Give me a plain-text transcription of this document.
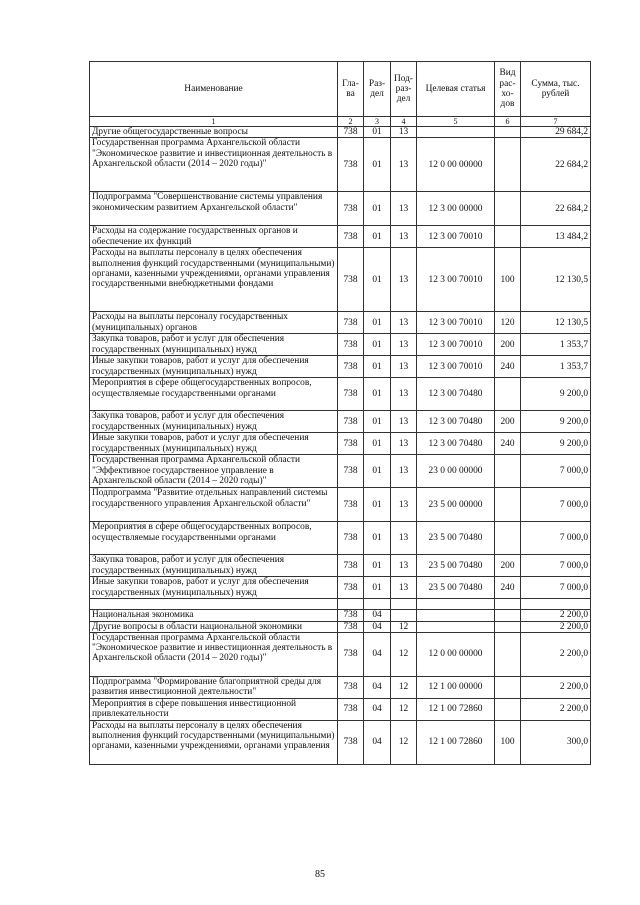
Наименование	Гла-ва	Раз-дел	Под-раз-дел	Целевая статья	Вид рас-хо-дов	Сумма, тыс. рублей
1	2	3	4	5	6	7
Другие общегосударственные вопросы	738	01	13			29 684,2
Государственная программа Архангельской области "Экономическое развитие и инвестиционная деятельность в Архангельской области (2014 – 2020 годы)"	738	01	13	12 0 00 00000		22 684,2
Подпрограмма "Совершенствование системы управления экономическим развитием Архангельской области"	738	01	13	12 3 00 00000		22 684,2
Расходы на содержание государственных органов и обеспечение их функций	738	01	13	12 3 00 70010		13 484,2
Расходы на выплаты персоналу в целях обеспечения выполнения функций государственными (муниципальными) органами, казенными учреждениями, органами управления государственными внебюджетными фондами	738	01	13	12 3 00 70010	100	12 130,5
Расходы на выплаты персоналу государственных (муниципальных) органов	738	01	13	12 3 00 70010	120	12 130,5
Закупка товаров, работ и услуг для обеспечения государственных (муниципальных) нужд	738	01	13	12 3 00 70010	200	1 353,7
Иные закупки товаров, работ и услуг для обеспечения государственных (муниципальных) нужд	738	01	13	12 3 00 70010	240	1 353,7
Мероприятия в сфере общегосударственных вопросов, осуществляемые государственными органами	738	01	13	12 3 00 70480		9 200,0
Закупка товаров, работ и услуг для обеспечения государственных (муниципальных) нужд	738	01	13	12 3 00 70480	200	9 200,0
Иные закупки товаров, работ и услуг для обеспечения государственных (муниципальных) нужд	738	01	13	12 3 00 70480	240	9 200,0
Государственная программа Архангельской области "Эффективное государственное управление в Архангельской области (2014 – 2020 годы)"	738	01	13	23 0 00 00000		7 000,0
Подпрограмма "Развитие отдельных направлений системы государственного управления Архангельской области"	738	01	13	23 5 00 00000		7 000,0
Мероприятия в сфере общегосударственных вопросов, осуществляемые государственными органами	738	01	13	23 5 00 70480		7 000,0
Закупка товаров, работ и услуг для обеспечения государственных (муниципальных) нужд	738	01	13	23 5 00 70480	200	7 000,0
Иные закупки товаров, работ и услуг для обеспечения государственных (муниципальных) нужд	738	01	13	23 5 00 70480	240	7 000,0

Национальная экономика	738	04				2 200,0
Другие вопросы в области национальной экономики	738	04	12			2 200,0
Государственная программа Архангельской области "Экономическое развитие и инвестиционная деятельность в Архангельской области (2014 – 2020 годы)"	738	04	12	12 0 00 00000		2 200,0
Подпрограмма "Формирование благоприятной среды для развития инвестиционной деятельности"	738	04	12	12 1 00 00000		2 200,0
Мероприятия в сфере повышения инвестиционной привлекательности	738	04	12	12 1 00 72860		2 200,0
Расходы на выплаты персоналу в целях обеспечения выполнения функций государственными (муниципальными) органами, казенными учреждениями, органами управления	738	04	12	12 1 00 72860	100	300,0
85
